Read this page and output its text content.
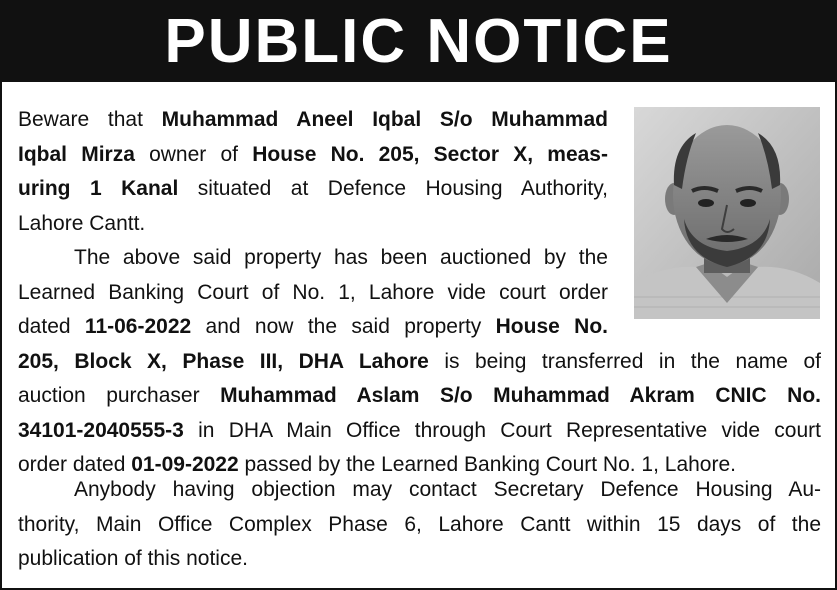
PUBLIC NOTICE

Beware that Muhammad Aneel Iqbal S/o Muhammad
Iqbal Mirza owner of House No. 205, Sector X, meas-
uring 1 Kanal situated at Defence Housing Authority,
Lahore Cantt.

The above said property has been auctioned by the
Learned Banking Court of No. 1, Lahore vide court order
dated 11-06-2022 and now the said property House No.
205, Block X, Phase III, DHA Lahore is being transferred in the name of
auction purchaser Muhammad Aslam S/o Muhammad Akram CNIC No.
34101-2040555-3 in DHA Main Office through Court Representative vide court
order dated 01-09-2022 passed by the Learned Banking Court No. 1, Lahore.

Anybody having objection may contact Secretary Defence Housing Au-
thority, Main Office Complex Phase 6, Lahore Cantt within 15 days of the
publication of this notice.
